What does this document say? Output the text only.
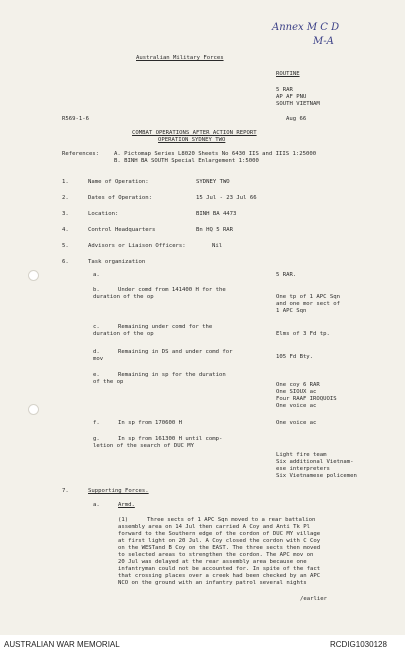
Annex M C D
M-A
Australian Military Forces
ROUTINE
5 RAR
AP AF PNU
SOUTH VIETNAM
R569-1-6	Aug 66
COMBAT OPERATIONS AFTER ACTION REPORT
OPERATION SYDNEY TWO
References:	A. Pictomap Series L8020 Sheets No 6430 IIS and IIIS 1:25000
B. BINH BA SOUTH Special Enlargement 1:5000
1.	Name of Operation:	SYDNEY TWO
2.	Dates of Operation:	15 Jul - 23 Jul 66
3.	Location:	BINH BA 4473
4.	Control Headquarters	Bn HQ 5 RAR
5.	Advisors or Liaison Officers:	Nil
6.	Task organization
a.	5 RAR.
b.	Under comd from 141400 H for the
duration of the op	One tp of 1 APC Sqn
and one mor sect of
1 APC Sqn
c.	Remaining under comd for the
duration of the op	Elms of 3 Fd tp.
d.	Remaining in DS and under comd for
mov	105 Fd Bty.
e.	Remaining in sp for the duration
of the op	One coy 6 RAR
One SIOUX ac
Four RAAF IROQUOIS
One voice ac
f.	In sp from 170600 H	One voice ac
g.	In sp from 161300 H until comp-
letion of the search of DUC MY
Light fire team
Six additional Vietnam-
ese interpreters
Six Vietnamese policemen
7.	Supporting Forces.
a.	Armd.
(1)	Three sects of 1 APC Sqn moved to a rear battalion
assembly area on 14 Jul then carried A Coy and Anti Tk Pl
forward to the Southern edge of the cordon of DUC MY village
at first light on 20 Jul. A Coy closed the cordon with C Coy
on the WESTand B Coy on the EAST. The three sects then moved
to selected areas to strengthen the cordon. The APC mov on
20 Jul was delayed at the rear assembly area because one
infantryman could not be accounted for. In spite of the fact
that crossing places over a creek had been checked by an APC
NCO on the ground with an infantry patrol several nights
/earlier
AUSTRALIAN WAR MEMORIAL	RCDIG1030128
